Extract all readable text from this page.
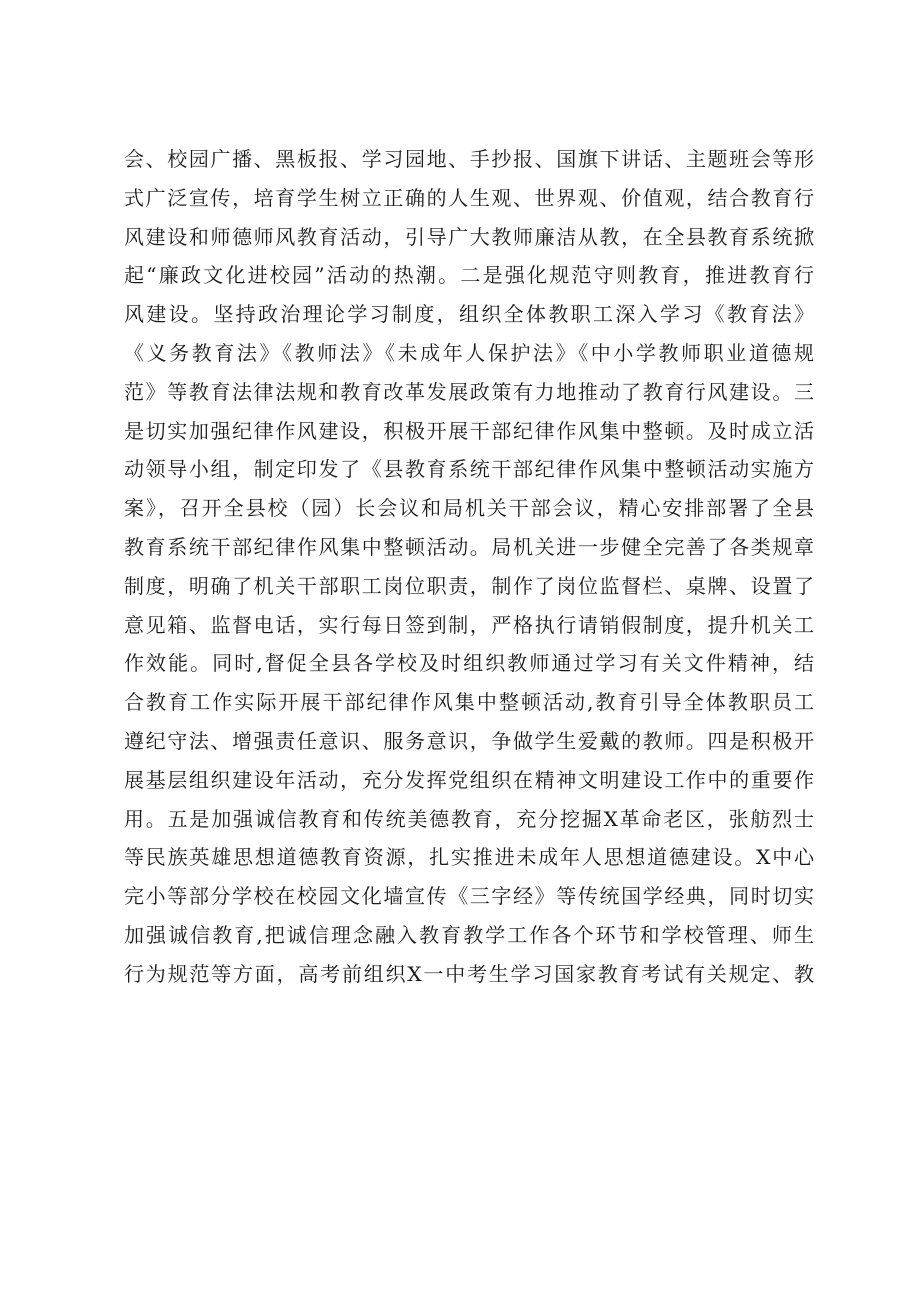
会、校园广播、黑板报、学习园地、手抄报、国旗下讲话、主题班会等形
式广泛宣传，培育学生树立正确的人生观、世界观、价值观，结合教育行
风建设和师德师风教育活动，引导广大教师廉洁从教，在全县教育系统掀
起“廉政文化进校园”活动的热潮。二是强化规范守则教育，推进教育行
风建设。坚持政治理论学习制度，组织全体教职工深入学习《教育法》
《义务教育法》《教师法》《未成年人保护法》《中小学教师职业道德规
范》等教育法律法规和教育改革发展政策有力地推动了教育行风建设。三
是切实加强纪律作风建设，积极开展干部纪律作风集中整顿。及时成立活
动领导小组，制定印发了《县教育系统干部纪律作风集中整顿活动实施方
案》，召开全县校（园）长会议和局机关干部会议，精心安排部署了全县
教育系统干部纪律作风集中整顿活动。局机关进一步健全完善了各类规章
制度，明确了机关干部职工岗位职责，制作了岗位监督栏、桌牌、设置了
意见箱、监督电话，实行每日签到制，严格执行请销假制度，提升机关工
作效能。同时,督促全县各学校及时组织教师通过学习有关文件精神，结
合教育工作实际开展干部纪律作风集中整顿活动,教育引导全体教职员工
遵纪守法、增强责任意识、服务意识，争做学生爱戴的教师。四是积极开
展基层组织建设年活动，充分发挥党组织在精神文明建设工作中的重要作
用。五是加强诚信教育和传统美德教育，充分挖掘X革命老区，张舫烈士
等民族英雄思想道德教育资源，扎实推进未成年人思想道德建设。X中心
完小等部分学校在校园文化墙宣传《三字经》等传统国学经典，同时切实
加强诚信教育,把诚信理念融入教育教学工作各个环节和学校管理、师生
行为规范等方面，高考前组织X一中考生学习国家教育考试有关规定、教
